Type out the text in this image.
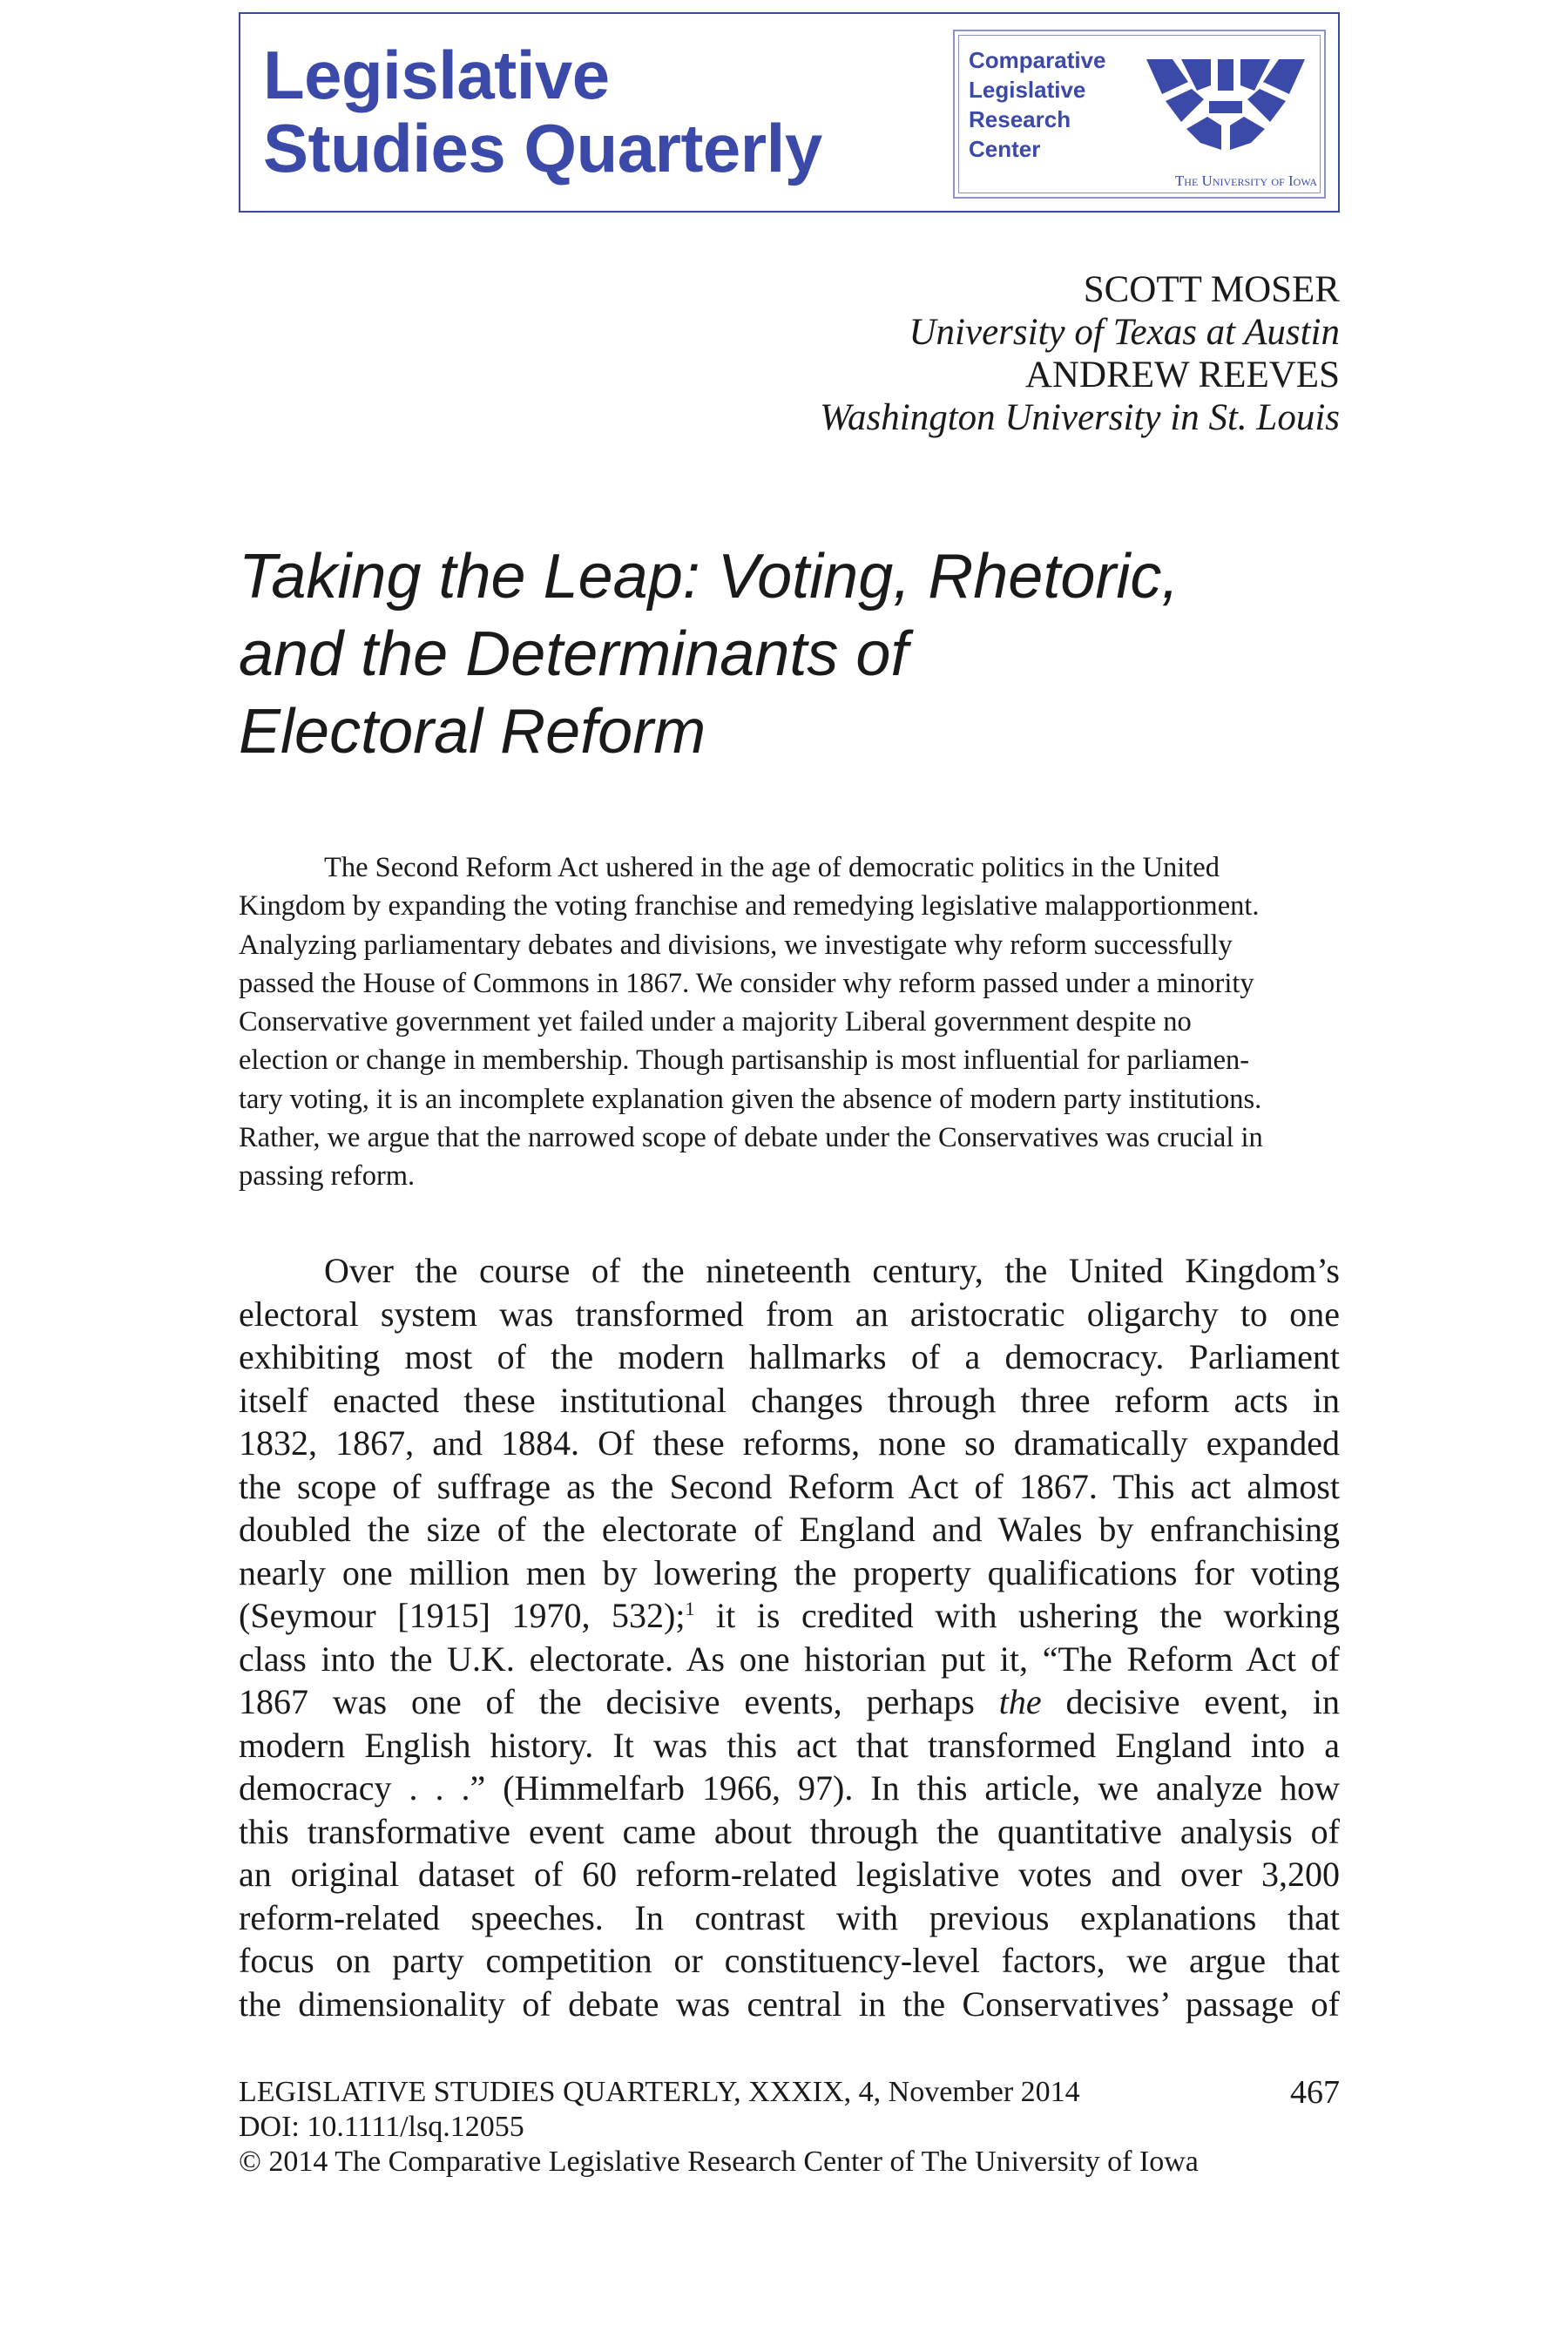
Legislative
Studies Quarterly
Comparative
Legislative
Research
Center
The University of Iowa
SCOTT MOSER
University of Texas at Austin
ANDREW REEVES
Washington University in St. Louis
Taking the Leap: Voting, Rhetoric,
and the Determinants of
Electoral Reform
The Second Reform Act ushered in the age of democratic politics in the United
Kingdom by expanding the voting franchise and remedying legislative malapportionment.
Analyzing parliamentary debates and divisions, we investigate why reform successfully
passed the House of Commons in 1867. We consider why reform passed under a minority
Conservative government yet failed under a majority Liberal government despite no
election or change in membership. Though partisanship is most influential for parliamen-
tary voting, it is an incomplete explanation given the absence of modern party institutions.
Rather, we argue that the narrowed scope of debate under the Conservatives was crucial in
passing reform.
Over the course of the nineteenth century, the United Kingdom’s
electoral system was transformed from an aristocratic oligarchy to one
exhibiting most of the modern hallmarks of a democracy. Parliament
itself enacted these institutional changes through three reform acts in
1832, 1867, and 1884. Of these reforms, none so dramatically expanded
the scope of suffrage as the Second Reform Act of 1867. This act almost
doubled the size of the electorate of England and Wales by enfranchising
nearly one million men by lowering the property qualifications for voting
(Seymour [1915] 1970, 532);$^1$ it is credited with ushering the working
class into the U.K. electorate. As one historian put it, “The Reform Act of
1867 was one of the decisive events, perhaps the decisive event, in
modern English history. It was this act that transformed England into a
democracy . . .” (Himmelfarb 1966, 97). In this article, we analyze how
this transformative event came about through the quantitative analysis of
an original dataset of 60 reform-related legislative votes and over 3,200
reform-related speeches. In contrast with previous explanations that
focus on party competition or constituency-level factors, we argue that
the dimensionality of debate was central in the Conservatives’ passage of
LEGISLATIVE STUDIES QUARTERLY, XXXIX, 4, November 2014	467
DOI: 10.1111/lsq.12055
© 2014 The Comparative Legislative Research Center of The University of Iowa
